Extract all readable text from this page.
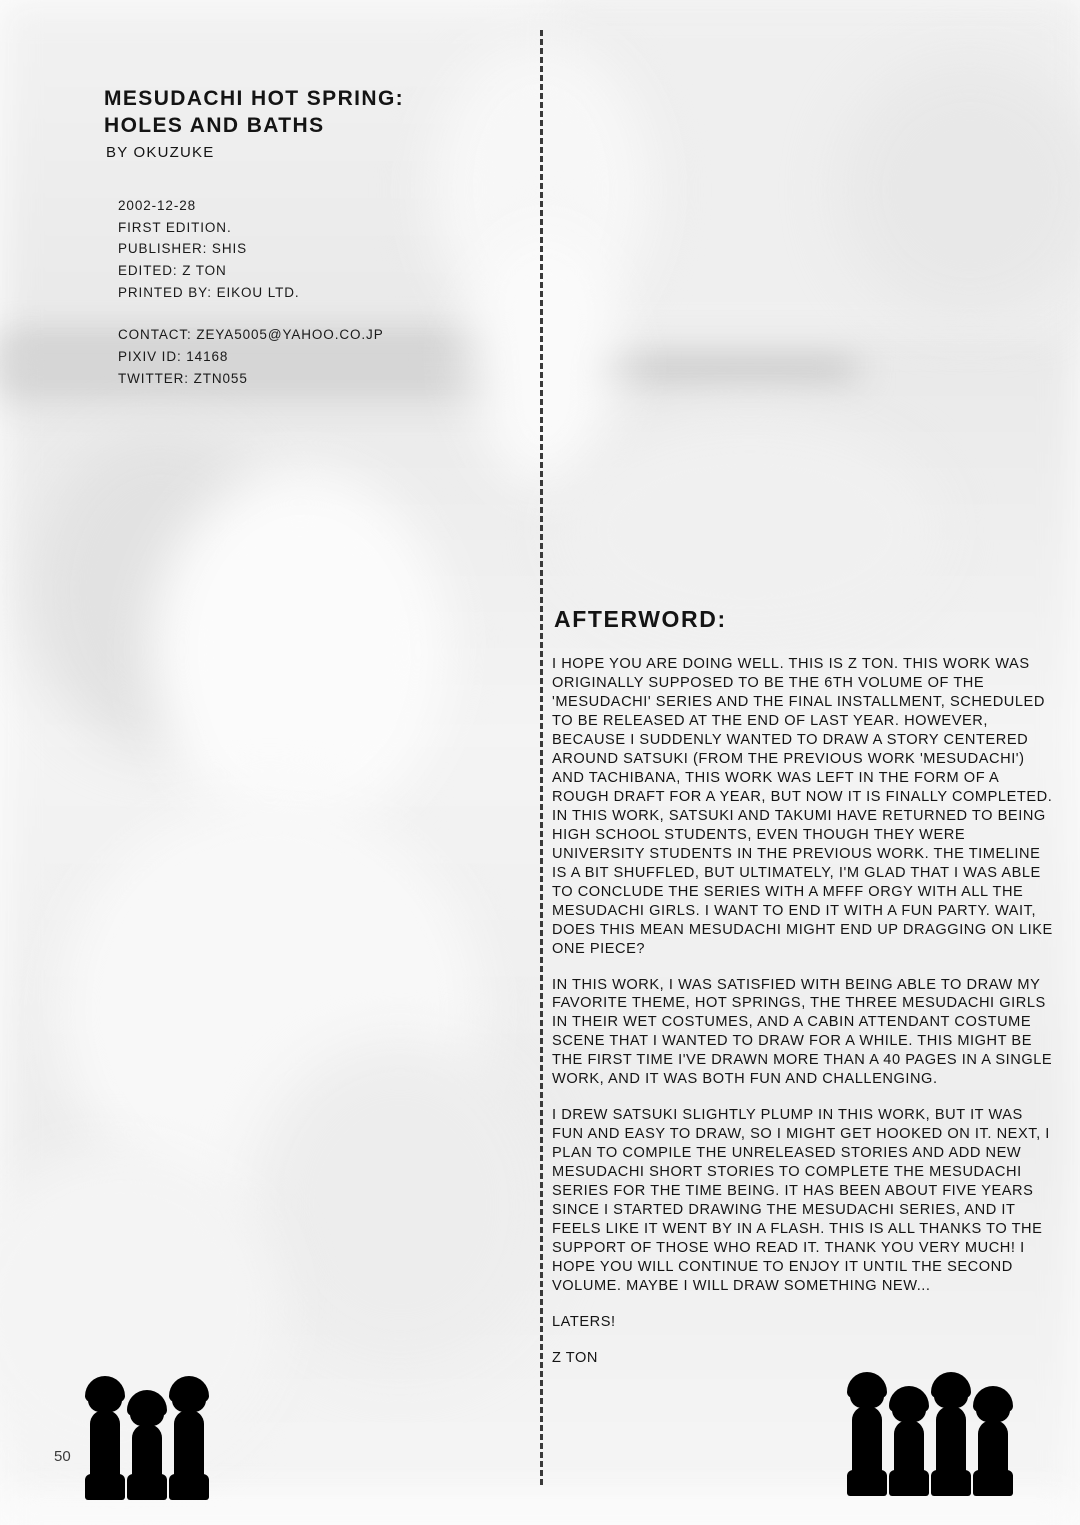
MESUDACHI HOT SPRING:
HOLES AND BATHS
BY OKUZUKE
2002-12-28
FIRST EDITION.
PUBLISHER: SHIS
EDITED: Z TON
PRINTED BY: EIKOU LTD.
CONTACT: ZEYA5005@YAHOO.CO.JP
PIXIV ID: 14168
TWITTER: ZTN055
AFTERWORD:

I HOPE YOU ARE DOING WELL. THIS IS Z TON. THIS WORK WAS ORIGINALLY SUPPOSED TO BE THE 6TH VOLUME OF THE 'MESUDACHI' SERIES AND THE FINAL INSTALLMENT, SCHEDULED TO BE RELEASED AT THE END OF LAST YEAR. HOWEVER, BECAUSE I SUDDENLY WANTED TO DRAW A STORY CENTERED AROUND SATSUKI (FROM THE PREVIOUS WORK 'MESUDACHI') AND TACHIBANA, THIS WORK WAS LEFT IN THE FORM OF A ROUGH DRAFT FOR A YEAR, BUT NOW IT IS FINALLY COMPLETED. IN THIS WORK, SATSUKI AND TAKUMI HAVE RETURNED TO BEING HIGH SCHOOL STUDENTS, EVEN THOUGH THEY WERE UNIVERSITY STUDENTS IN THE PREVIOUS WORK. THE TIMELINE IS A BIT SHUFFLED, BUT ULTIMATELY, I'M GLAD THAT I WAS ABLE TO CONCLUDE THE SERIES WITH A MFFF ORGY WITH ALL THE MESUDACHI GIRLS. I WANT TO END IT WITH A FUN PARTY. WAIT, DOES THIS MEAN MESUDACHI MIGHT END UP DRAGGING ON LIKE ONE PIECE?

IN THIS WORK, I WAS SATISFIED WITH BEING ABLE TO DRAW MY FAVORITE THEME, HOT SPRINGS, THE THREE MESUDACHI GIRLS IN THEIR WET COSTUMES, AND A CABIN ATTENDANT COSTUME SCENE THAT I WANTED TO DRAW FOR A WHILE. THIS MIGHT BE THE FIRST TIME I'VE DRAWN MORE THAN A 40 PAGES IN A SINGLE WORK, AND IT WAS BOTH FUN AND CHALLENGING.

I DREW SATSUKI SLIGHTLY PLUMP IN THIS WORK, BUT IT WAS FUN AND EASY TO DRAW, SO I MIGHT GET HOOKED ON IT. NEXT, I PLAN TO COMPILE THE UNRELEASED STORIES AND ADD NEW MESUDACHI SHORT STORIES TO COMPLETE THE MESUDACHI SERIES FOR THE TIME BEING. IT HAS BEEN ABOUT FIVE YEARS SINCE I STARTED DRAWING THE MESUDACHI SERIES, AND IT FEELS LIKE IT WENT BY IN A FLASH. THIS IS ALL THANKS TO THE SUPPORT OF THOSE WHO READ IT. THANK YOU VERY MUCH! I HOPE YOU WILL CONTINUE TO ENJOY IT UNTIL THE SECOND VOLUME. MAYBE I WILL DRAW SOMETHING NEW...

LATERS!

Z TON

50
